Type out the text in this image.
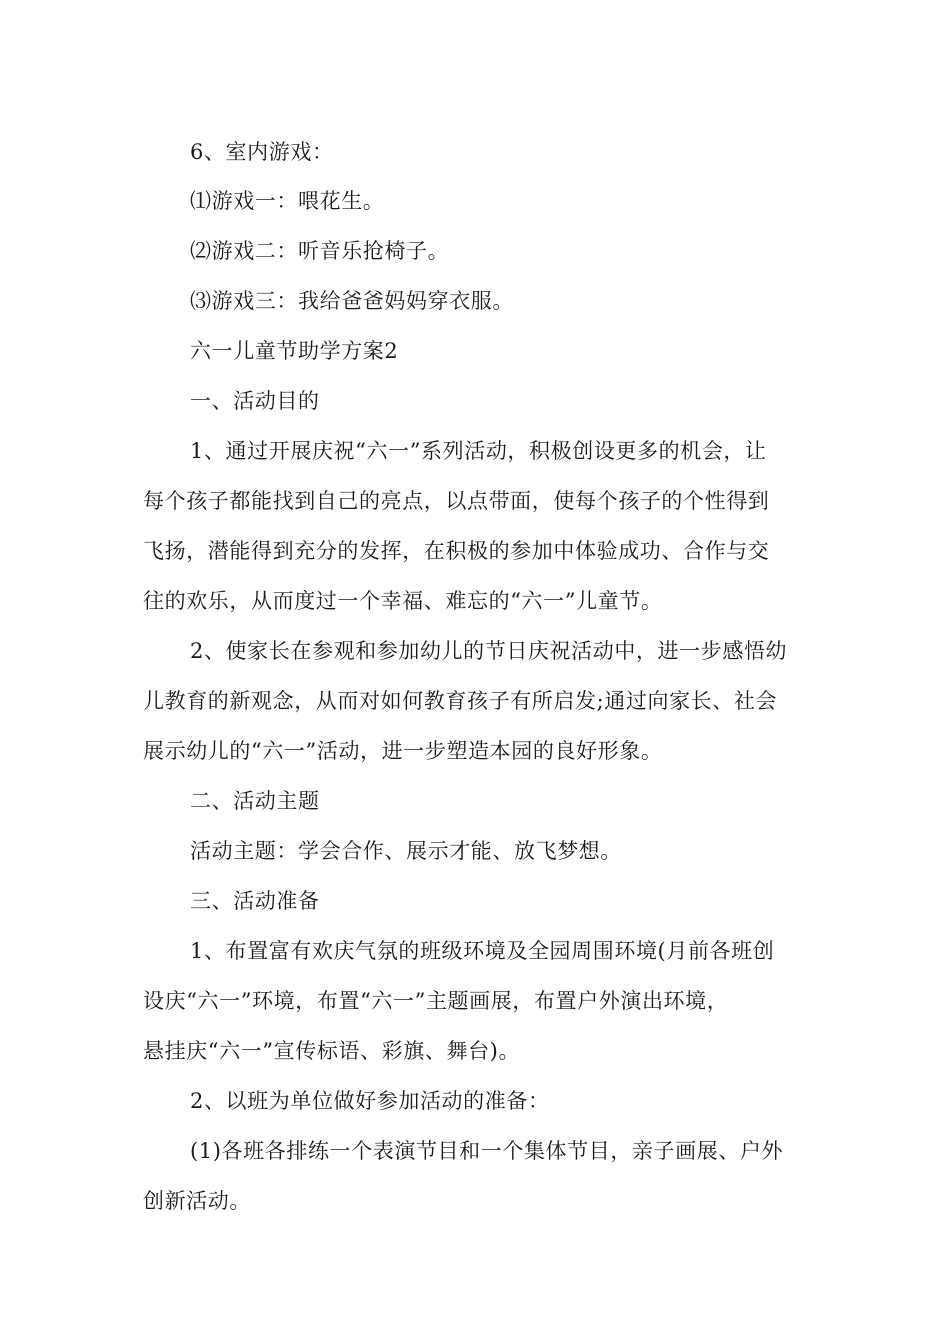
6、室内游戏：
⑴游戏一：喂花生。
⑵游戏二：听音乐抢椅子。
⑶游戏三：我给爸爸妈妈穿衣服。
六一儿童节助学方案2
一、活动目的
1、通过开展庆祝“六一”系列活动，积极创设更多的机会，让
每个孩子都能找到自己的亮点，以点带面，使每个孩子的个性得到
飞扬，潜能得到充分的发挥，在积极的参加中体验成功、合作与交
往的欢乐，从而度过一个幸福、难忘的“六一”儿童节。
2、使家长在参观和参加幼儿的节日庆祝活动中，进一步感悟幼
儿教育的新观念，从而对如何教育孩子有所启发;通过向家长、社会
展示幼儿的“六一”活动，进一步塑造本园的良好形象。
二、活动主题
活动主题：学会合作、展示才能、放飞梦想。
三、活动准备
1、布置富有欢庆气氛的班级环境及全园周围环境(月前各班创
设庆“六一”环境，布置“六一”主题画展，布置户外演出环境，
悬挂庆“六一”宣传标语、彩旗、舞台)。
2、以班为单位做好参加活动的准备：
(1)各班各排练一个表演节目和一个集体节目，亲子画展、户外
创新活动。
